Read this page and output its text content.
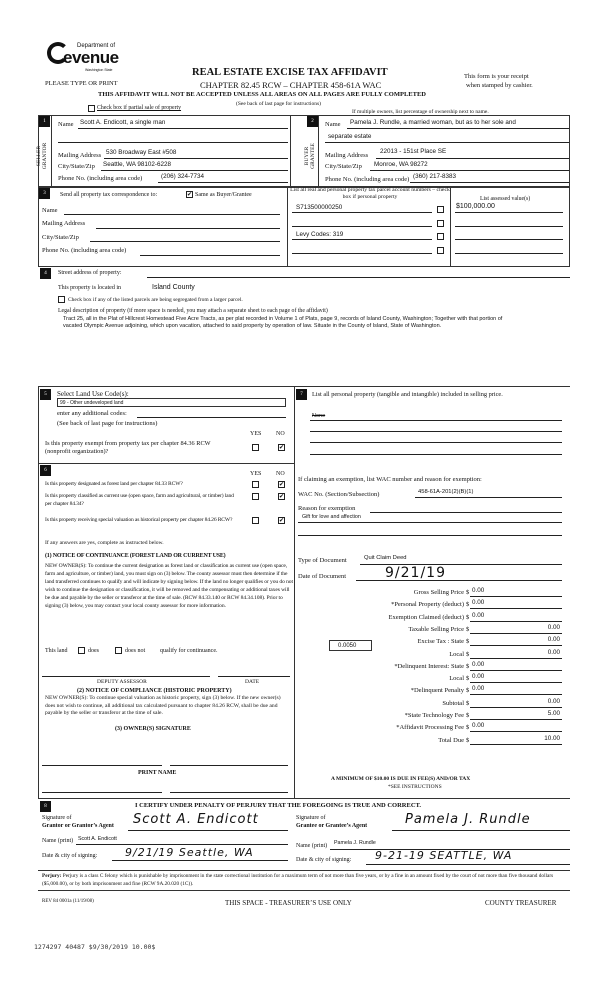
Department of
evenue
Washington State
PLEASE TYPE OR PRINT
REAL ESTATE EXCISE TAX AFFIDAVIT
CHAPTER 82.45 RCW – CHAPTER 458-61A WAC
THIS AFFIDAVIT WILL NOT BE ACCEPTED UNLESS ALL AREAS ON ALL PAGES ARE FULLY COMPLETED
(See back of last page for instructions)
This form is your receipt
when stamped by cashier.
Check box if partial sale of property
If multiple owners, list percentage of ownership next to name.
1	2
SELLER GRANTOR	BUYER GRANTEE
Name Scott A. Endicott, a single man
Mailing Address 530 Broadway East #508
City/State/Zip Seattle, WA 98102-6228
Phone No. (including area code)	(206) 324-7734
Name Pamela J. Rundle, a married woman, but as to her sole and
separate estate
Mailing Address
22013 - 151st Place SE
City/State/Zip Monroe, WA 98272
Phone No. (including area code) (360) 217-8383
3	Send all property tax correspondence to:	✔ Same as Buyer/Grantee
Name
Mailing Address
City/State/Zip
Phone No. (including area code)
List all real and personal property tax parcel account numbers – check box if personal property	List assessed value(s)
S713500000250	$100,000.00
Levy Codes: 319
4	Street address of property:
This property is located in	Island County
Check box if any of the listed parcels are being segregated from a larger parcel.
Legal description of property (if more space is needed, you may attach a separate sheet to each page of the affidavit)
Tract 25, all in the Plat of Hillcrest Homestead Five Acre Tracts, as per plat recorded in Volume 1 of Plats, page 9, records of Island County, Washington; Together with that portion of vacated Olympic Avenue adjoining, which upon vacation, attached to said property by operation of law. Situate in the County of Island, State of Washington.
5	Select Land Use Code(s):
99 - Other undeveloped land
enter any additional codes:
(See back of last page for instructions)
YES NO
Is this property exempt from property tax per chapter 84.36 RCW (nonprofit organization)?
✔
6
YES NO
Is this property designated as forest land per chapter 84.33 RCW?	✔
Is this property classified as current use (open space, farm and agricultural, or timber) land per chapter 84.34?
✔
Is this property receiving special valuation as historical property per chapter 84.26 RCW?	✔
If any answers are yes, complete as instructed below.
(1) NOTICE OF CONTINUANCE (FOREST LAND OR CURRENT USE)
NEW OWNER(S): To continue the current designation as forest land or classification as current use (open space, farm and agriculture, or timber) land, you must sign on (3) below. The county assessor must then determine if the land transferred continues to qualify and will indicate by signing below. If the land no longer qualifies or you do not wish to continue the designation or classification, it will be removed and the compensating or additional taxes will be due and payable by the seller or transferor at the time of sale. (RCW 84.33.140 or RCW 84.34.108). Prior to signing (3) below, you may contact your local county assessor for more information.
This land	does	does not qualify for continuance.
DEPUTY ASSESSOR	DATE
(2) NOTICE OF COMPLIANCE (HISTORIC PROPERTY)
NEW OWNER(S): To continue special valuation as historic property, sign (3) below. If the new owner(s) does not wish to continue, all additional tax calculated pursuant to chapter 84.26 RCW, shall be due and payable by the seller or transferor at the time of sale.
(3) OWNER(S) SIGNATURE
PRINT NAME
7	List all personal property (tangible and intangible) included in selling price.
None
If claiming an exemption, list WAC number and reason for exemption:
WAC No. (Section/Subsection)	458-61A-201(2)(B)(1)
Reason for exemption
Gift for love and affection
Type of Document	Quit Claim Deed
Date of Document	9/21/19
0.0050
Gross Selling Price $ 0.00
*Personal Property (deduct) $ 0.00
Exemption Claimed (deduct) $ 0.00
Taxable Selling Price $	0.00
Excise Tax : State $	0.00
Local $	0.00
*Delinquent Interest: State $ 0.00
Local $ 0.00
*Delinquent Penalty $ 0.00
Subtotal $	0.00
*State Technology Fee $	5.00
*Affidavit Processing Fee $ 0.00
Total Due $	10.00
A MINIMUM OF $10.00 IS DUE IN FEE(S) AND/OR TAX
*SEE INSTRUCTIONS
8	I CERTIFY UNDER PENALTY OF PERJURY THAT THE FOREGOING IS TRUE AND CORRECT.
Signature of
Grantor or Grantor’s Agent Scott A. Endicott	Signature of
Grantee or Grantee’s Agent	Pamela J. Rundle
Name (print) Scott A. Endicott
Name (print) Pamela J. Rundle
Date & city of signing:	9/21/19 Seattle, WA
Date & city of signing: 9-21-19 SEATTLE, WA
Perjury: Perjury is a class C felony which is punishable by imprisonment in the state correctional institution for a maximum term of not more than five years, or by a fine in an amount fixed by the court of not more than five thousand dollars ($5,000.00), or by both imprisonment and fine (RCW 9A.20.020 (1C)).
REV 84 0001a (11/19/08)	THIS SPACE - TREASURER’S USE ONLY	COUNTY TREASURER
1274297 40487 $9/30/2019 10.00$
